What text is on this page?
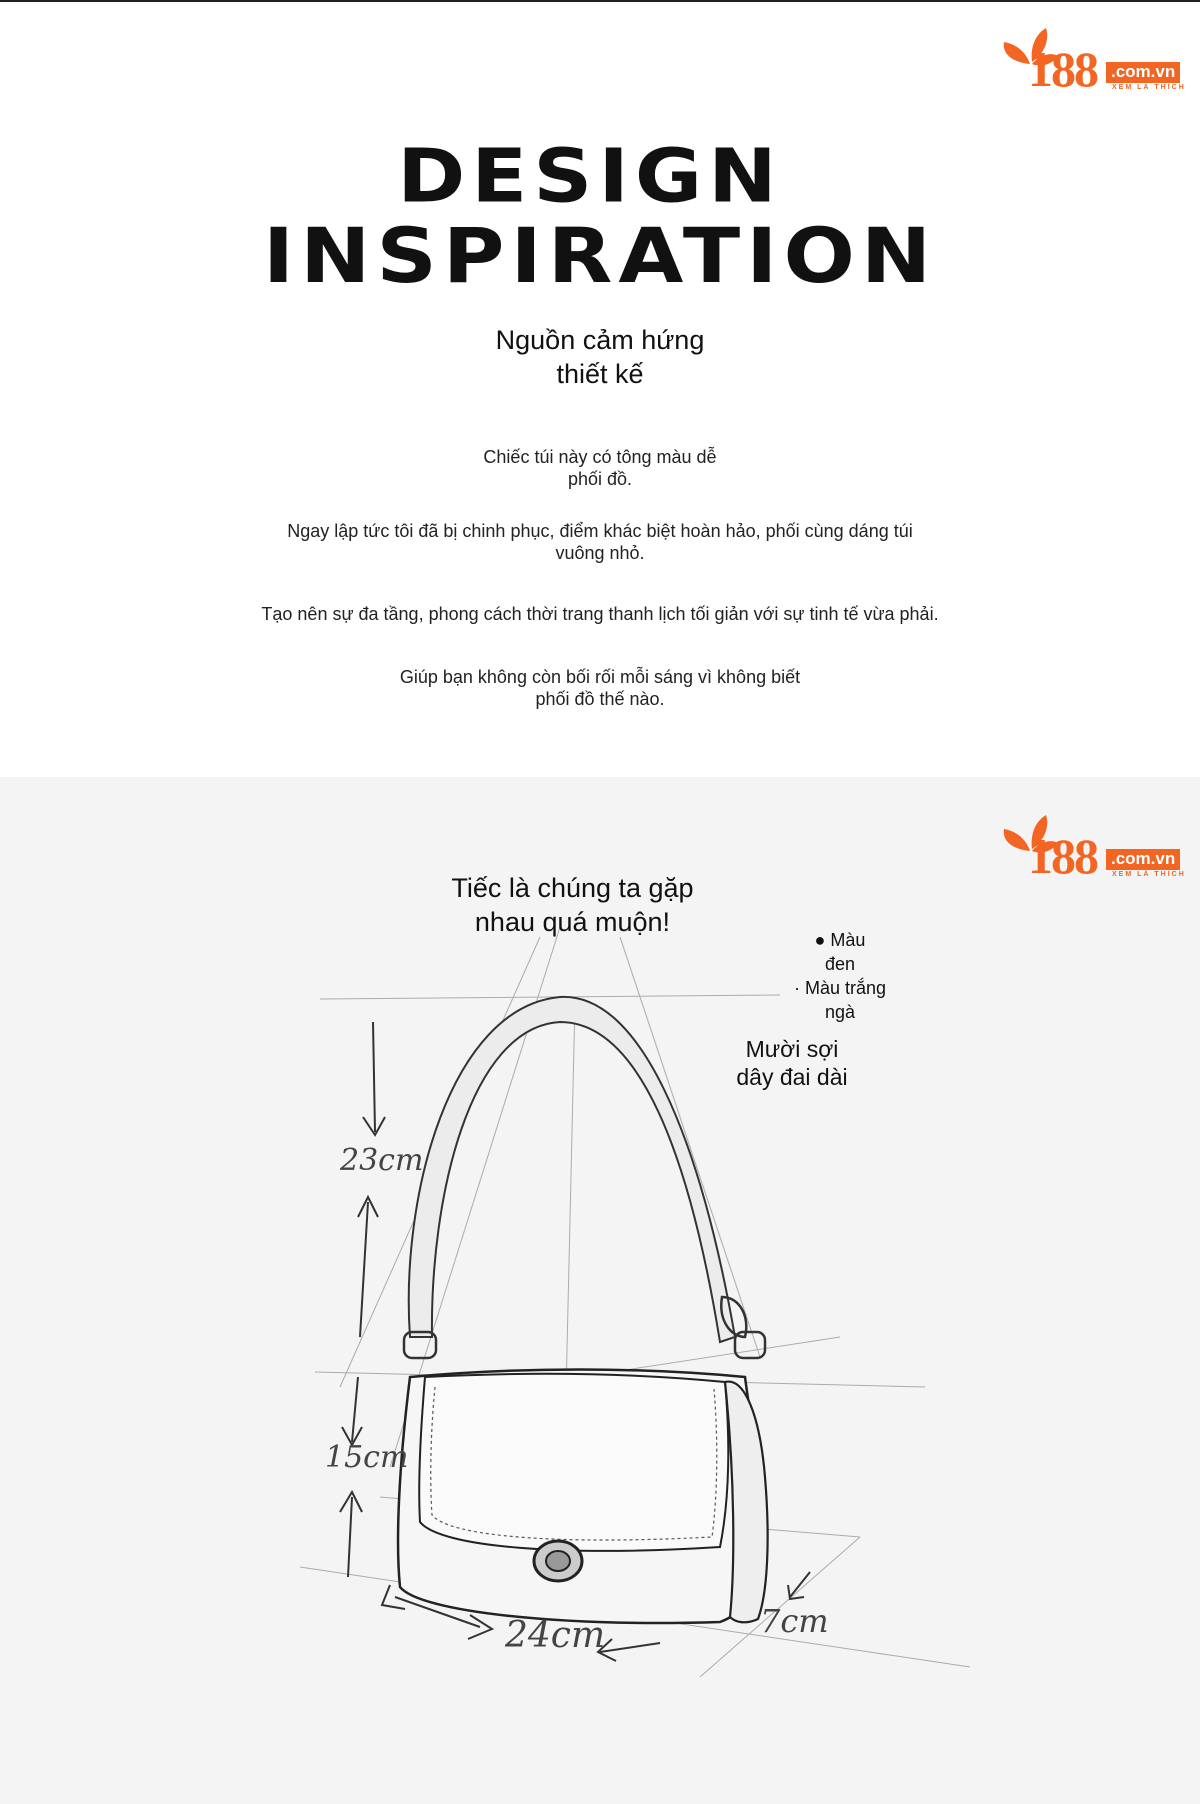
188 .com.vn
XEM LÀ THÍCH
DESIGN
INSPIRATION
Nguồn cảm hứng
thiết kế
Chiếc túi này có tông màu dễ
phối đồ.
Ngay lập tức tôi đã bị chinh phục, điểm khác biệt hoàn hảo, phối cùng dáng túi
vuông nhỏ.
Tạo nên sự đa tầng, phong cách thời trang thanh lịch tối giản với sự tinh tế vừa phải.
Giúp bạn không còn bối rối mỗi sáng vì không biết
phối đồ thế nào.
188 .com.vn
XEM LÀ THÍCH
23cm
15cm
24cm	7cm
Tiếc là chúng ta gặp
nhau quá muộn!
● Màu
đen
· Màu trắng
ngà
Mười sợi
dây đai dài
